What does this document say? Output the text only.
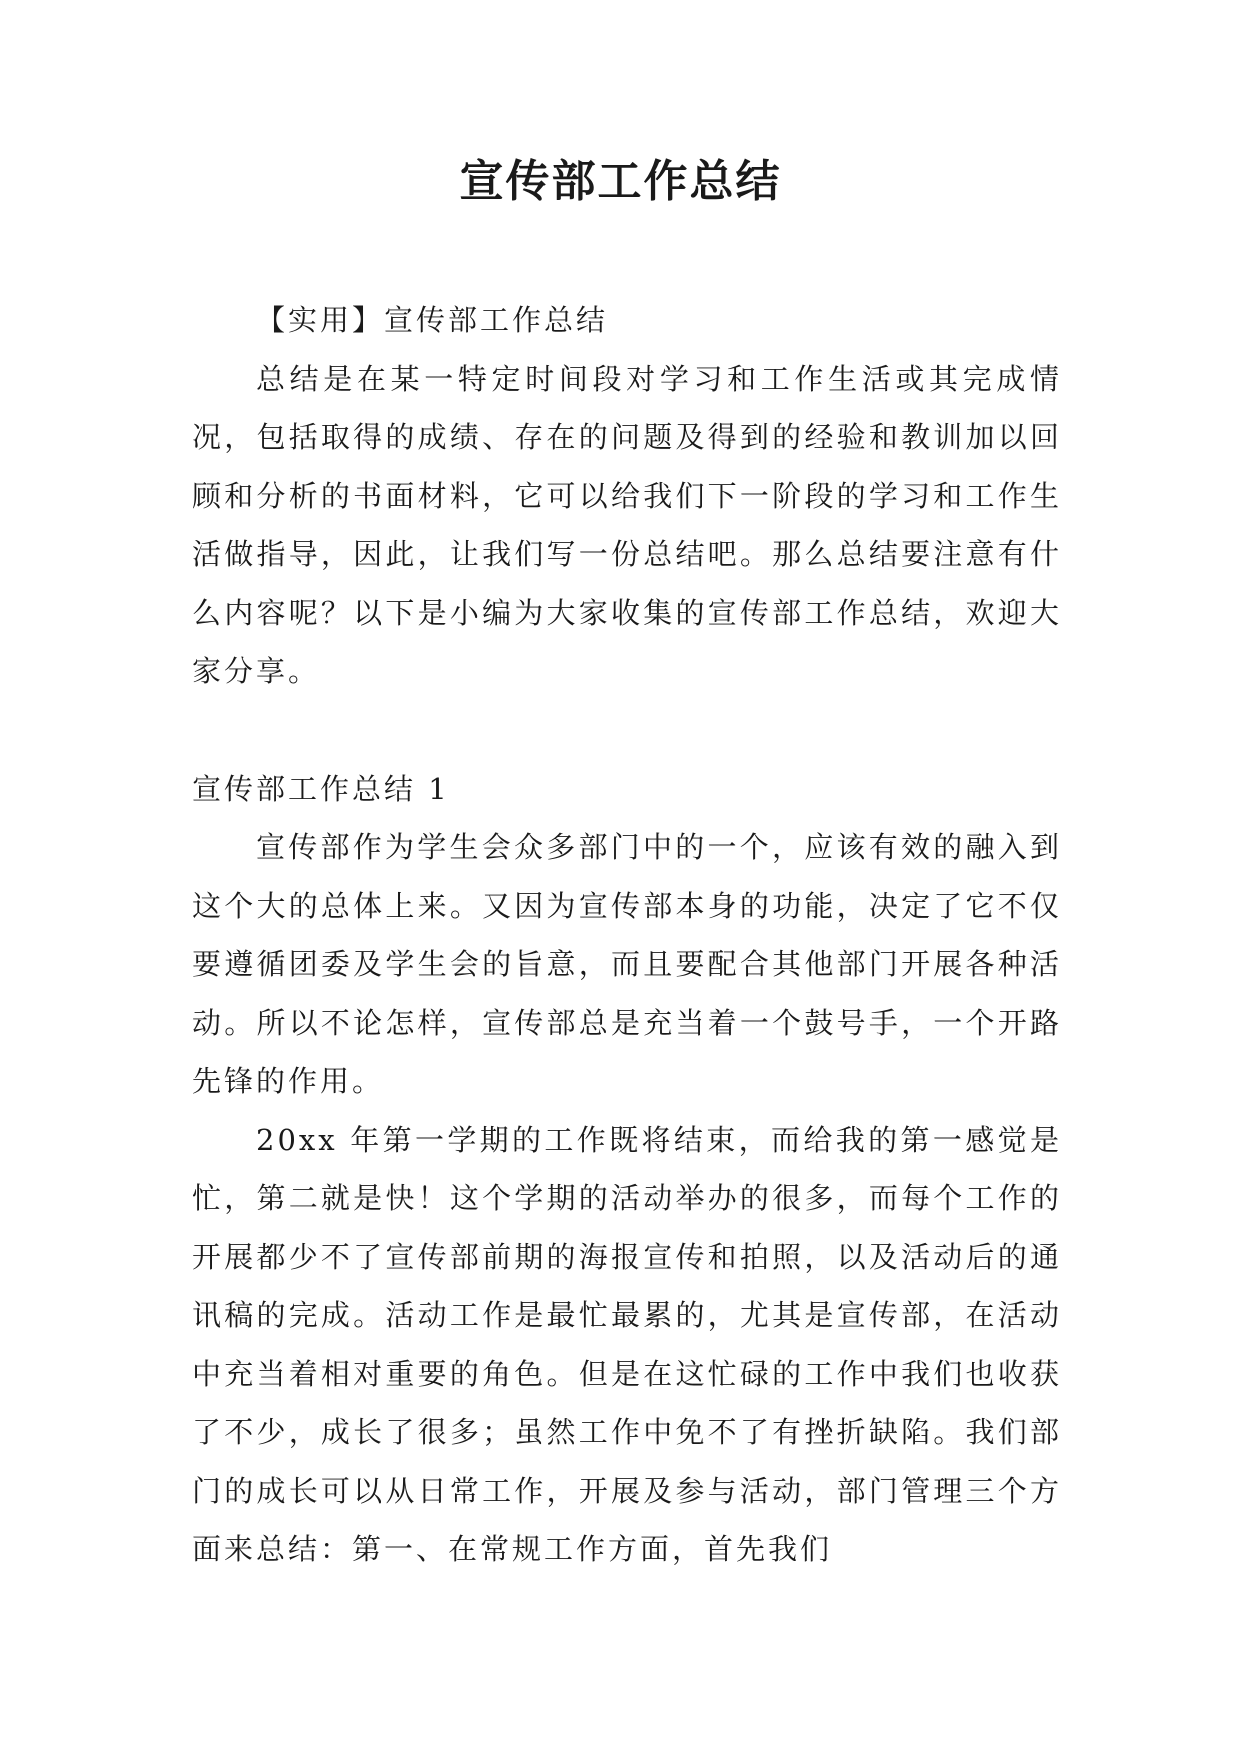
宣传部工作总结

【实用】宣传部工作总结

总结是在某一特定时间段对学习和工作生活或其完成情况，包括取得的成绩、存在的问题及得到的经验和教训加以回顾和分析的书面材料，它可以给我们下一阶段的学习和工作生活做指导，因此，让我们写一份总结吧。那么总结要注意有什么内容呢？以下是小编为大家收集的宣传部工作总结，欢迎大家分享。

宣传部工作总结 1

宣传部作为学生会众多部门中的一个，应该有效的融入到这个大的总体上来。又因为宣传部本身的功能，决定了它不仅要遵循团委及学生会的旨意，而且要配合其他部门开展各种活动。所以不论怎样，宣传部总是充当着一个鼓号手，一个开路先锋的作用。

20xx 年第一学期的工作既将结束，而给我的第一感觉是忙，第二就是快！这个学期的活动举办的很多，而每个工作的开展都少不了宣传部前期的海报宣传和拍照，以及活动后的通讯稿的完成。活动工作是最忙最累的，尤其是宣传部，在活动中充当着相对重要的角色。但是在这忙碌的工作中我们也收获了不少，成长了很多；虽然工作中免不了有挫折缺陷。我们部门的成长可以从日常工作，开展及参与活动，部门管理三个方面来总结：第一、在常规工作方面，首先我们
